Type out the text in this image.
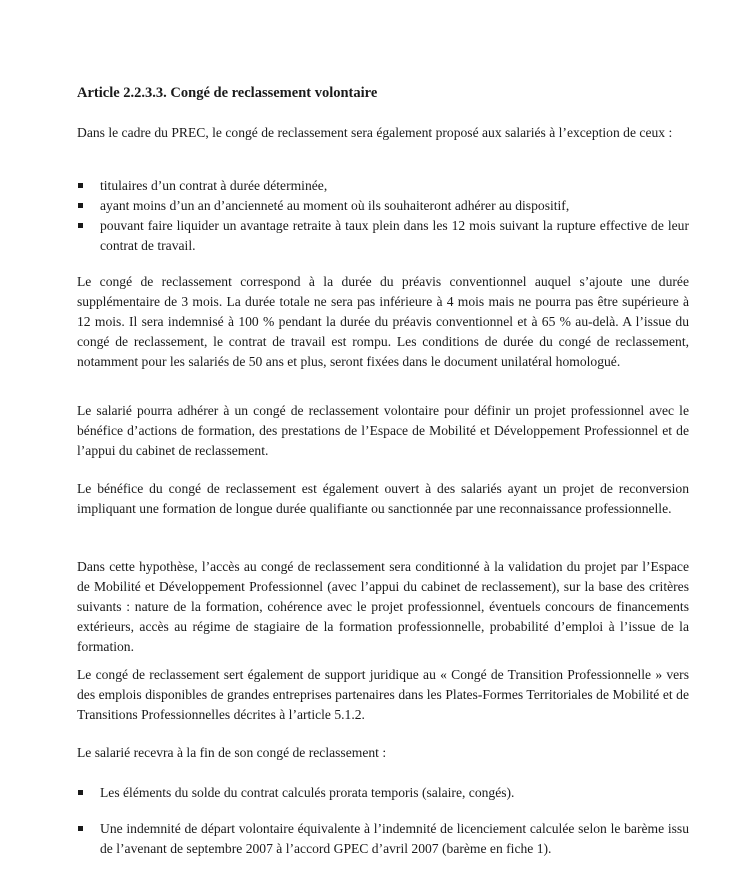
Article 2.2.3.3. Congé de reclassement volontaire

Dans le cadre du PREC, le congé de reclassement sera également proposé aux salariés à l’exception de ceux :

titulaires d’un contrat à durée déterminée,
ayant moins d’un an d’ancienneté au moment où ils souhaiteront adhérer au dispositif,
pouvant faire liquider un avantage retraite à taux plein dans les 12 mois suivant la rupture effective de leur contrat de travail.

Le congé de reclassement correspond à la durée du préavis conventionnel auquel s’ajoute une durée supplémentaire de 3 mois. La durée totale ne sera pas inférieure à 4 mois mais ne pourra pas être supérieure à 12 mois. Il sera indemnisé à 100 % pendant la durée du préavis conventionnel et à 65 % au-delà. A l’issue du congé de reclassement, le contrat de travail est rompu. Les conditions de durée du congé de reclassement, notamment pour les salariés de 50 ans et plus, seront fixées dans le document unilatéral homologué.

Le salarié pourra adhérer à un congé de reclassement volontaire pour définir un projet professionnel avec le bénéfice d’actions de formation, des prestations de l’Espace de Mobilité et Développement Professionnel et de l’appui du cabinet de reclassement.

Le bénéfice du congé de reclassement est également ouvert à des salariés ayant un projet de reconversion impliquant une formation de longue durée qualifiante ou sanctionnée par une reconnaissance professionnelle.

Dans cette hypothèse, l’accès au congé de reclassement sera conditionné à la validation du projet par l’Espace de Mobilité et Développement Professionnel (avec l’appui du cabinet de reclassement), sur la base des critères suivants : nature de la formation, cohérence avec le projet professionnel, éventuels concours de financements extérieurs, accès au régime de stagiaire de la formation professionnelle, probabilité d’emploi à l’issue de la formation.

Le congé de reclassement sert également de support juridique au « Congé de Transition Professionnelle » vers des emplois disponibles de grandes entreprises partenaires dans les Plates-Formes Territoriales de Mobilité et de Transitions Professionnelles décrites à l’article 5.1.2.

Le salarié recevra à la fin de son congé de reclassement :

Les éléments du solde du contrat calculés prorata temporis (salaire, congés).
Une indemnité de départ volontaire équivalente à l’indemnité de licenciement calculée selon le barème issu de l’avenant de septembre 2007 à l’accord GPEC d’avril 2007 (barème en fiche 1).
